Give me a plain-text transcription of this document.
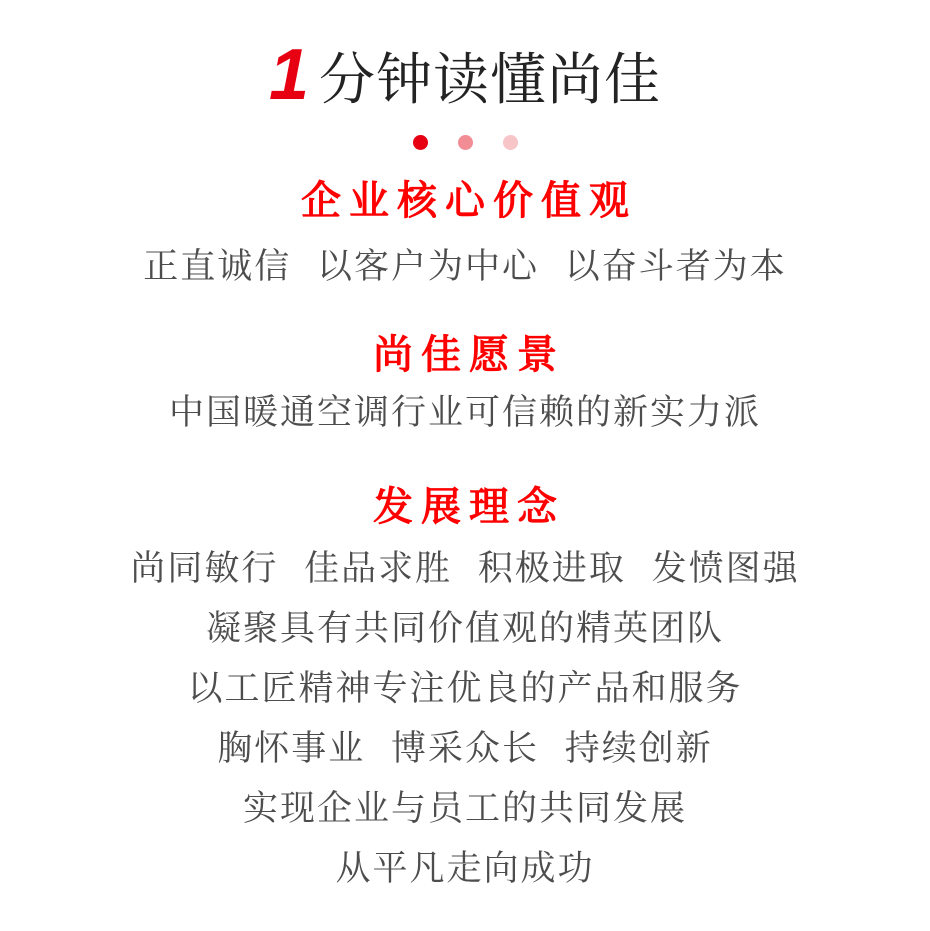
1 分钟读懂尚佳
企业核心价值观

正直诚信 以客户为中心 以奋斗者为本

尚佳愿景

中国暖通空调行业可信赖的新实力派

发展理念

尚同敏行 佳品求胜 积极进取 发愤图强

凝聚具有共同价值观的精英团队

以工匠精神专注优良的产品和服务

胸怀事业 博采众长 持续创新

实现企业与员工的共同发展

从平凡走向成功
